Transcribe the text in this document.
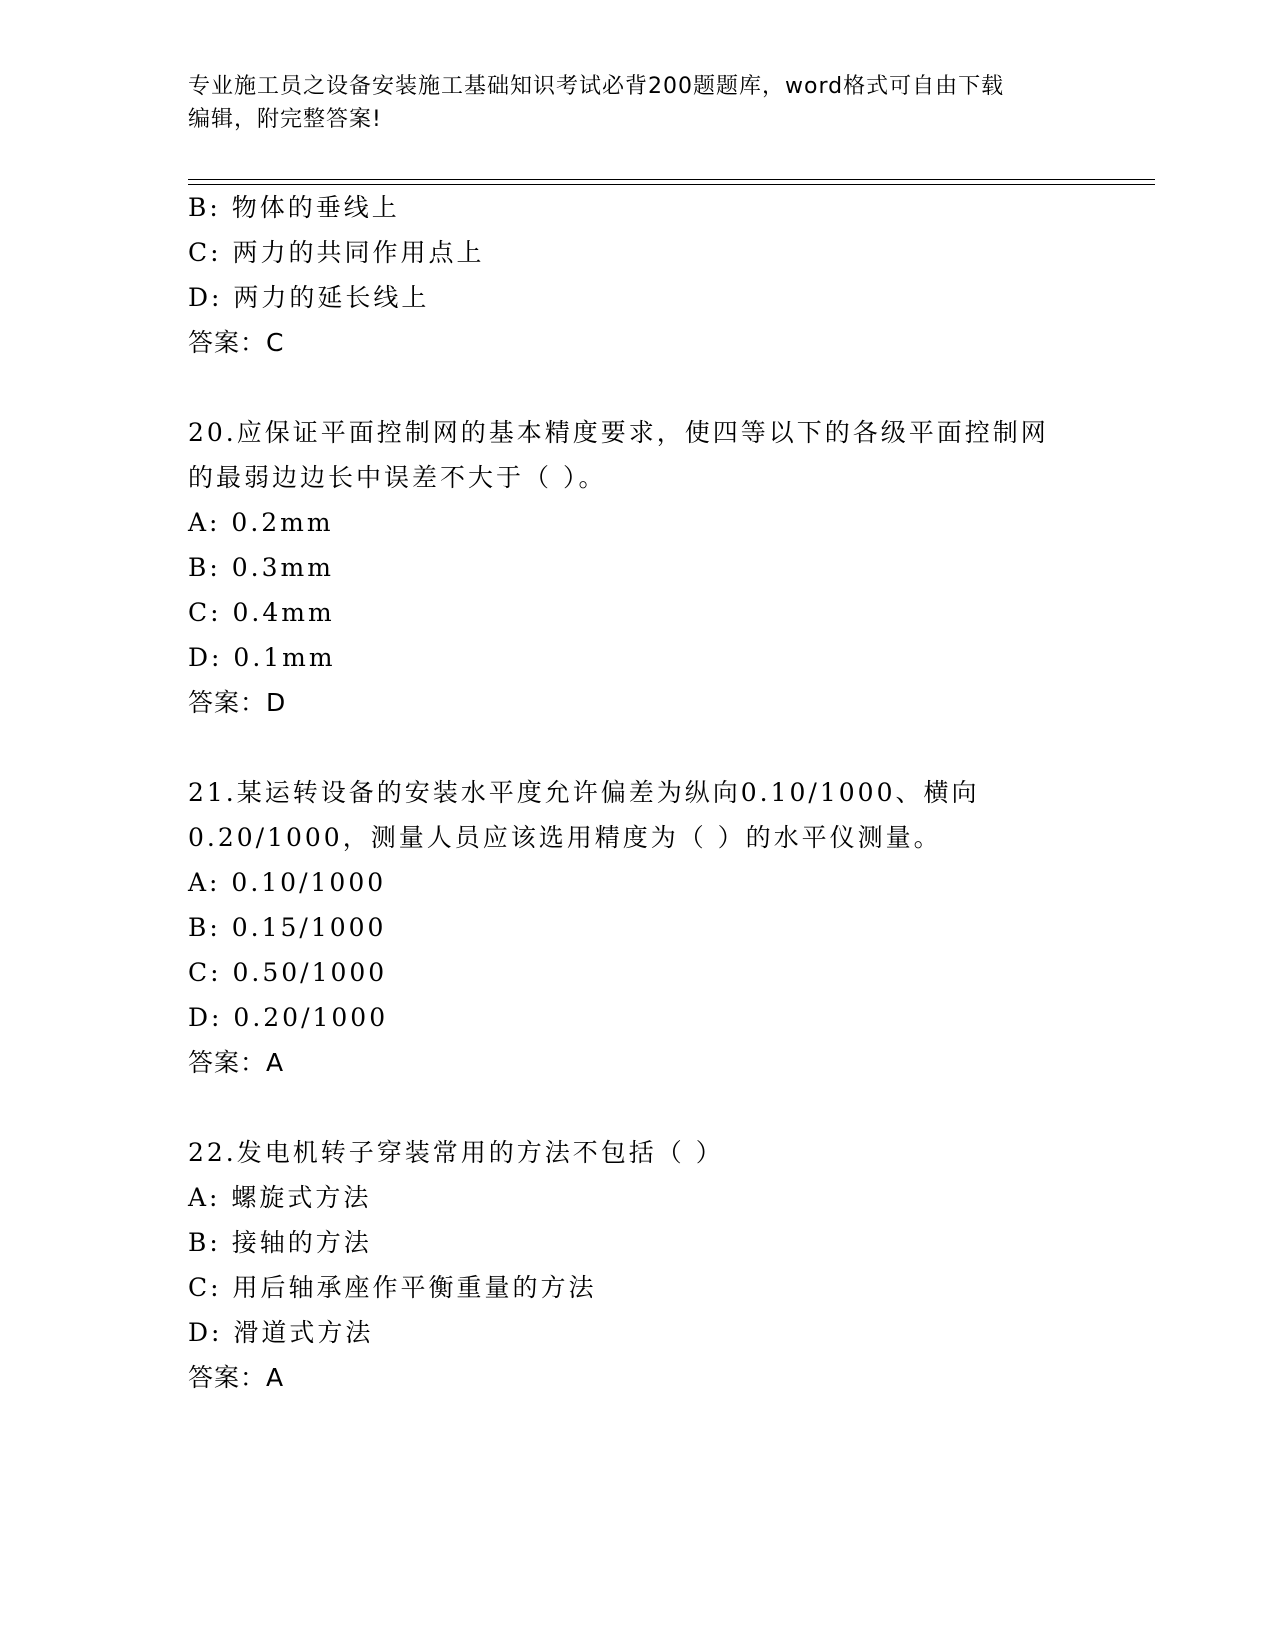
专业施工员之设备安装施工基础知识考试必背200题题库，word格式可自由下载
编辑，附完整答案!
B: 物体的垂线上
C: 两力的共同作用点上
D: 两力的延长线上
答案：C
20.应保证平面控制网的基本精度要求，使四等以下的各级平面控制网
的最弱边边长中误差不大于（ ）。
A: 0.2mm
B: 0.3mm
C: 0.4mm
D: 0.1mm
答案：D
21.某运转设备的安装水平度允许偏差为纵向0.10/1000、横向
0.20/1000，测量人员应该选用精度为（ ）的水平仪测量。
A: 0.10/1000
B: 0.15/1000
C: 0.50/1000
D: 0.20/1000
答案：A
22.发电机转子穿装常用的方法不包括（ ）
A: 螺旋式方法
B: 接轴的方法
C: 用后轴承座作平衡重量的方法
D: 滑道式方法
答案：A
